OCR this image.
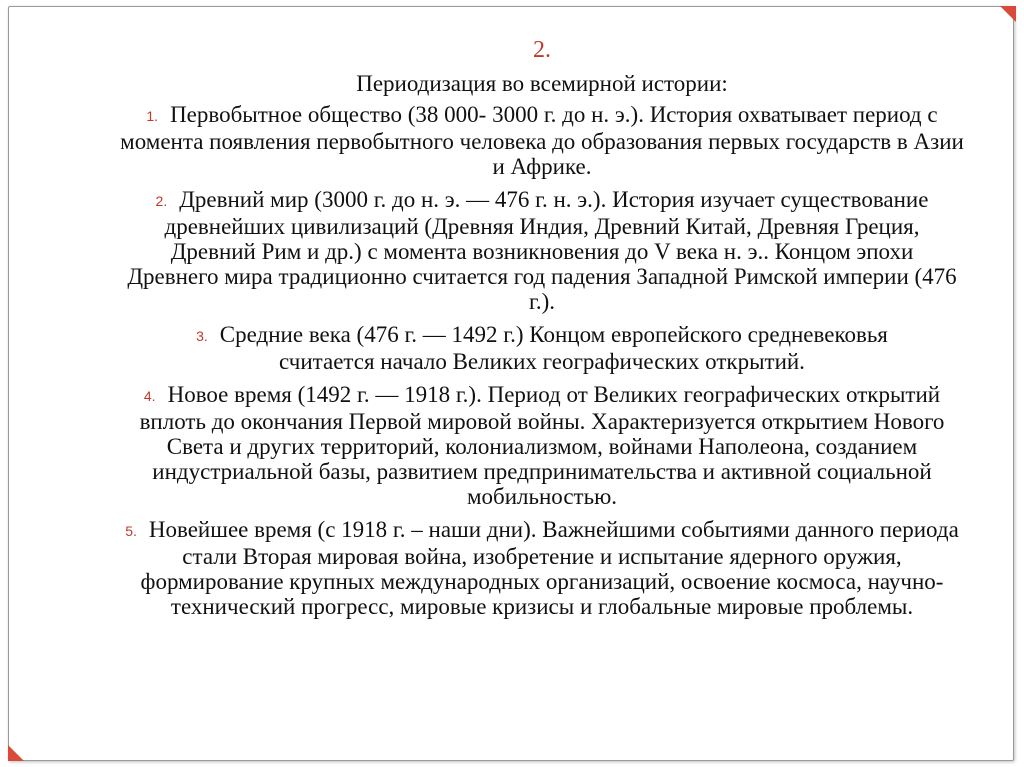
2.
Периодизация во всемирной истории:
1. Первобытное общество (38 000- 3000 г. до н. э.). История охватывает период с момента появления первобытного человека до образования первых государств в Азии и Африке.
2. Древний мир (3000 г. до н. э. — 476 г. н. э.). История изучает существование древнейших цивилизаций (Древняя Индия, Древний Китай, Древняя Греция, Древний Рим и др.) с момента возникновения до V века н. э.. Концом эпохи Древнего мира традиционно считается год падения Западной Римской империи (476 г.).
3. Средние века (476 г. — 1492 г.) Концом европейского средневековья считается начало Великих географических открытий.
4. Новое время (1492 г. — 1918 г.). Период от Великих географических открытий вплоть до окончания Первой мировой войны. Характеризуется открытием Нового Света и других территорий, колониализмом, войнами Наполеона, созданием индустриальной базы, развитием предпринимательства и активной социальной мобильностью.
5. Новейшее время (с 1918 г. – наши дни). Важнейшими событиями данного периода стали Вторая мировая война, изобретение и испытание ядерного оружия, формирование крупных международных организаций, освоение космоса, научно-технический прогресс, мировые кризисы и глобальные мировые проблемы.
